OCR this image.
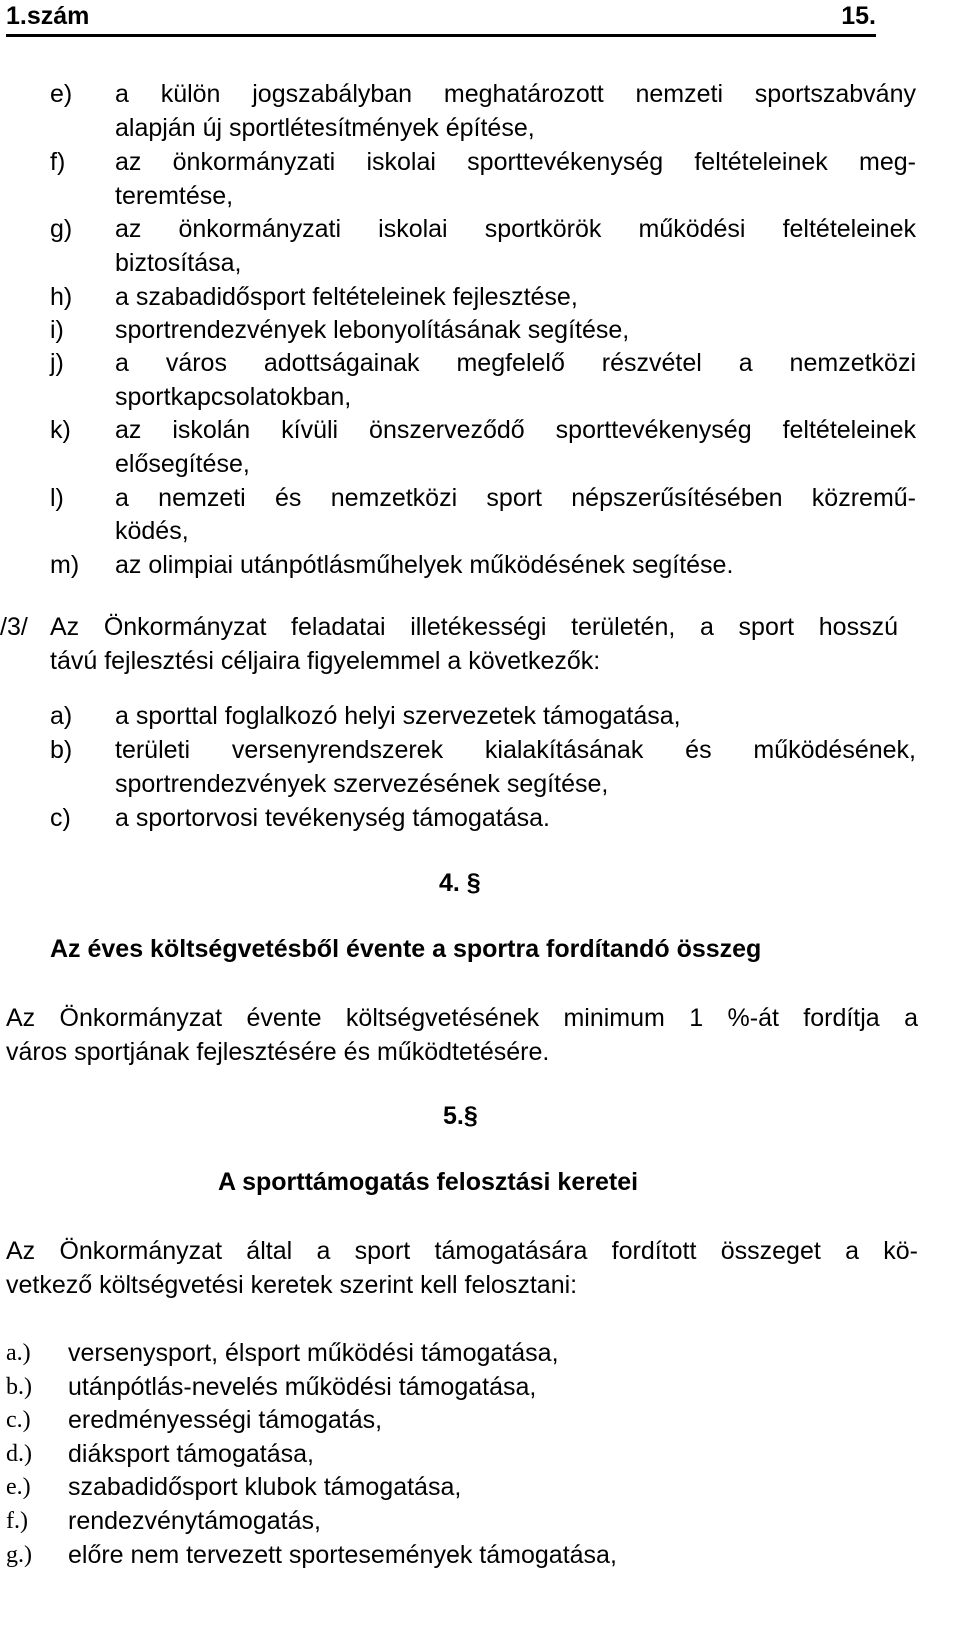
1.szám	15.
e) a külön jogszabályban meghatározott nemzeti sportszabvány
alapján új sportlétesítmények építése,
f) az önkormányzati iskolai sporttevékenység feltételeinek meg-
teremtése,
g) az önkormányzati iskolai sportkörök működési feltételeinek
biztosítása,
h) a szabadidősport feltételeinek fejlesztése,
i) sportrendezvények lebonyolításának segítése,
j) a város adottságainak megfelelő részvétel a nemzetközi
sportkapcsolatokban,
k) az iskolán kívüli önszerveződő sporttevékenység feltételeinek
elősegítése,
l) a nemzeti és nemzetközi sport népszerűsítésében közremű-
ködés,
m) az olimpiai utánpótlásműhelyek működésének segítése.
/3/ Az Önkormányzat feladatai illetékességi területén, a sport hosszú
távú fejlesztési céljaira figyelemmel a következők:
a) a sporttal foglalkozó helyi szervezetek támogatása,
b) területi versenyrendszerek kialakításának és működésének,
sportrendezvények szervezésének segítése,
c) a sportorvosi tevékenység támogatása.
4. §
Az éves költségvetésből évente a sportra fordítandó összeg
Az Önkormányzat évente költségvetésének minimum 1 %-át fordítja a
város sportjának fejlesztésére és működtetésére.
5.§
A sporttámogatás felosztási keretei
Az Önkormányzat által a sport támogatására fordított összeget a kö-
vetkező költségvetési keretek szerint kell felosztani:
a.) versenysport, élsport működési támogatása,
b.) utánpótlás-nevelés működési támogatása,
c.) eredményességi támogatás,
d.) diáksport támogatása,
e.) szabadidősport klubok támogatása,
f.) rendezvénytámogatás,
g.) előre nem tervezett sportesemények támogatása,
